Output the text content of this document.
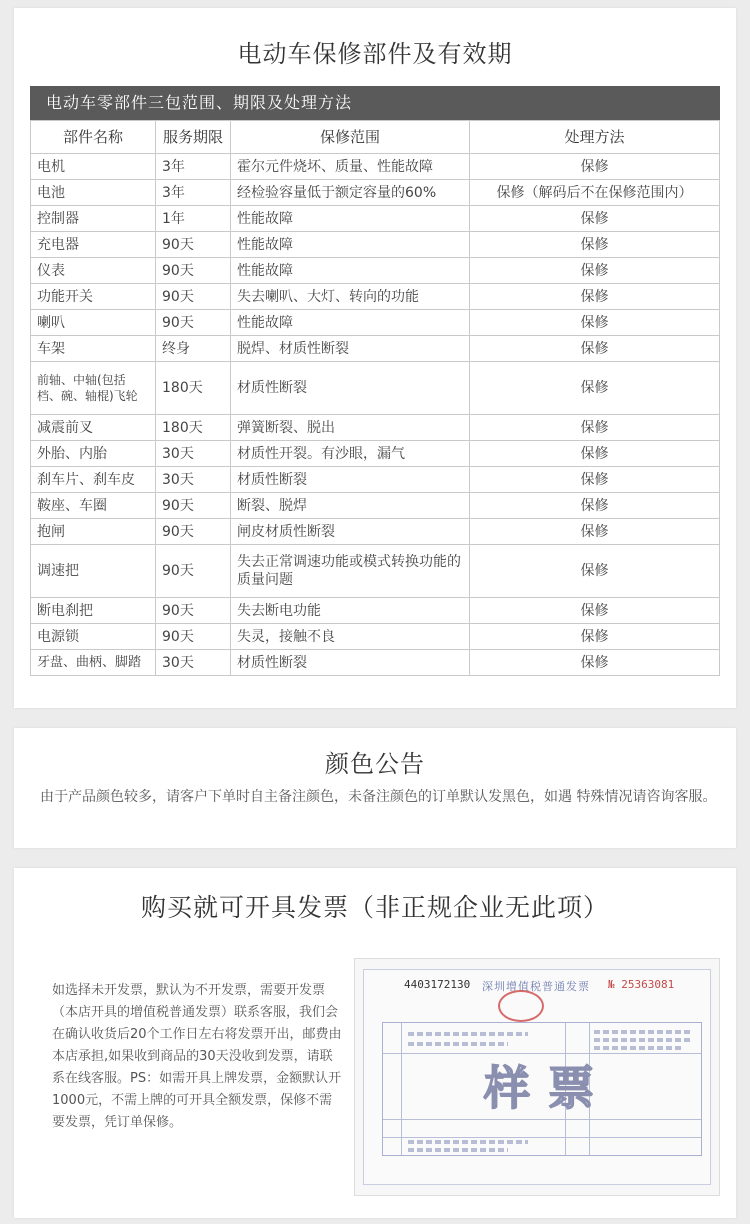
电动车保修部件及有效期
电动车零部件三包范围、期限及处理方法
部件名称	服务期限	保修范围	处理方法
电机	3年	霍尔元件烧坏、质量、性能故障	保修
电池	3年	经检验容量低于额定容量的60%	保修（解码后不在保修范围内）
控制器	1年	性能故障	保修
充电器	90天	性能故障	保修
仪表	90天	性能故障	保修
功能开关	90天	失去喇叭、大灯、转向的功能	保修
喇叭	90天	性能故障	保修
车架	终身	脱焊、材质性断裂	保修
前轴、中轴(包括档、碗、轴棍)飞轮	180天	材质性断裂	保修
减震前叉	180天	弹簧断裂、脱出	保修
外胎、内胎	30天	材质性开裂。有沙眼，漏气	保修
刹车片、刹车皮	30天	材质性断裂	保修
鞍座、车圈	90天	断裂、脱焊	保修
抱闸	90天	闸皮材质性断裂	保修
调速把	90天	失去正常调速功能或模式转换功能的质量问题	保修
断电刹把	90天	失去断电功能	保修
电源锁	90天	失灵，接触不良	保修
牙盘、曲柄、脚踏	30天	材质性断裂	保修
颜色公告
由于产品颜色较多，请客户下单时自主备注颜色，未备注颜色的订单默认发黑色，如遇 特殊情况请咨询客服。
购买就可开具发票（非正规企业无此项）
如选择未开发票，默认为不开发票，需要开发票（本店开具的增值税普通发票）联系客服，我们会在确认收货后20个工作日左右将发票开出，邮费由本店承担,如果收到商品的30天没收到发票，请联系在线客服。PS：如需开具上牌发票，金额默认开1000元，不需上牌的可开具全额发票，保修不需要发票，凭订单保修。
4403172130 深圳增值税普通发票 № 25363081
样票
